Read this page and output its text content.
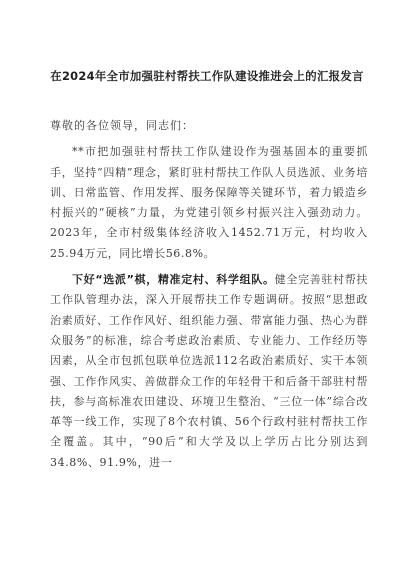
在2024年全市加强驻村帮扶工作队建设推进会上的汇报发言

尊敬的各位领导，同志们：

**市把加强驻村帮扶工作队建设作为强基固本的重要抓手，坚持“四精”理念，紧盯驻村帮扶工作队人员选派、业务培训、日常监管、作用发挥、服务保障等关键环节，着力锻造乡村振兴的“硬核”力量，为党建引领乡村振兴注入强劲动力。2023年，全市村级集体经济收入1452.71万元，村均收入25.94万元，同比增长56.8%。

下好“选派”棋，精准定村、科学组队。健全完善驻村帮扶工作队管理办法，深入开展帮扶工作专题调研。按照“思想政治素质好、工作作风好、组织能力强、带富能力强、热心为群众服务”的标准，综合考虑政治素质、专业能力、工作经历等因素，从全市包抓包联单位选派112名政治素质好、实干本领强、工作作风实、善做群众工作的年轻骨干和后备干部驻村帮扶，参与高标准农田建设、环境卫生整治、“三位一体”综合改革等一线工作，实现了8个农村镇、56个行政村驻村帮扶工作全覆盖。其中，“90后”和大学及以上学历占比分别达到34.8%、91.9%，进一
